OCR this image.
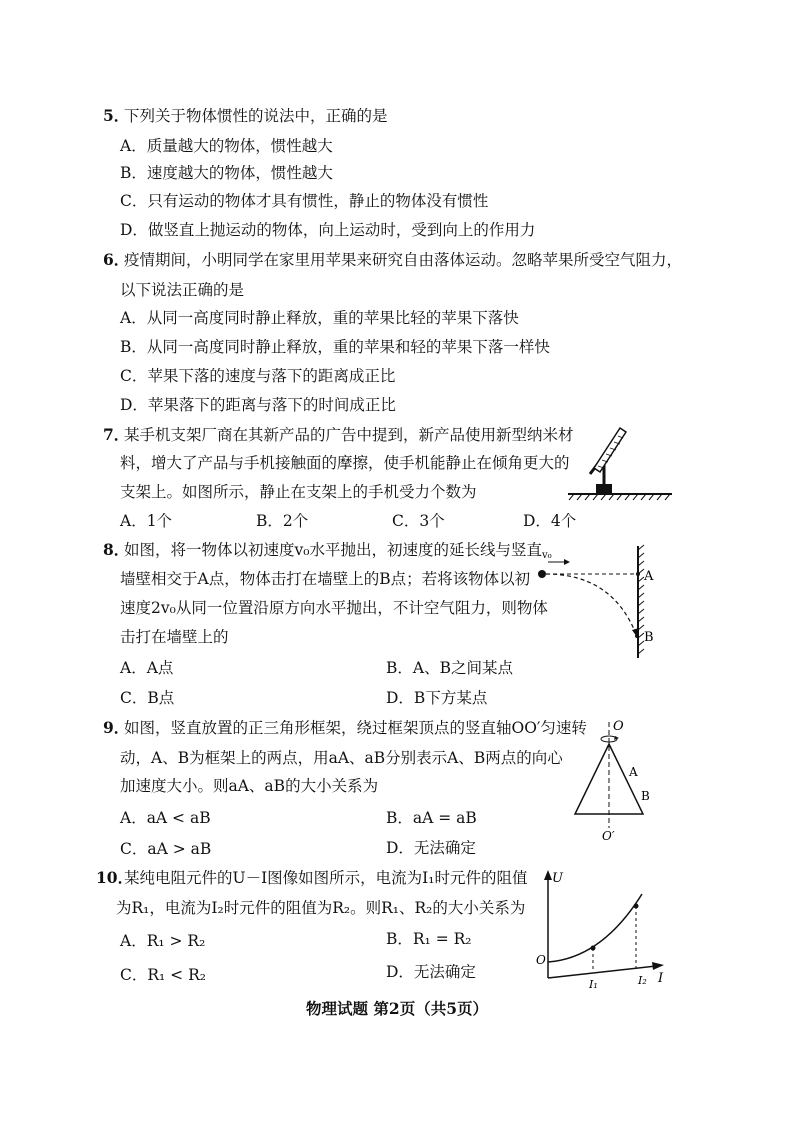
5．
下列关于物体惯性的说法中，正确的是
A．质量越大的物体，惯性越大
B．速度越大的物体，惯性越大
C．只有运动的物体才具有惯性，静止的物体没有惯性
D．做竖直上抛运动的物体，向上运动时，受到向上的作用力
6．
疫情期间，小明同学在家里用苹果来研究自由落体运动。忽略苹果所受空气阻力，
以下说法正确的是
A．从同一高度同时静止释放，重的苹果比轻的苹果下落快
B．从同一高度同时静止释放，重的苹果和轻的苹果下落一样快
C．苹果下落的速度与落下的距离成正比
D．苹果落下的距离与落下的时间成正比
7．
某手机支架厂商在其新产品的广告中提到，新产品使用新型纳米材
料，增大了产品与手机接触面的摩擦，使手机能静止在倾角更大的
支架上。如图所示，静止在支架上的手机受力个数为
A．1个	B．2个	C．3个	D．4个
8．
如图，将一物体以初速度v₀水平抛出，初速度的延长线与竖直
墙壁相交于A点，物体击打在墙壁上的B点；若将该物体以初
速度2v₀从同一位置沿原方向水平抛出，不计空气阻力，则物体
击打在墙壁上的
A．A点	B．A、B之间某点
C．B点	D．B下方某点
v₀
A
B
9．
如图，竖直放置的正三角形框架，绕过框架顶点的竖直轴OO′匀速转
动，A、B为框架上的两点，用aA、aB分别表示A、B两点的向心
加速度大小。则aA、aB的大小关系为
A．aA < aB	B．aA = aB
C．aA > aB	D．无法确定
O
A
B
O′
10．
某纯电阻元件的U－I图像如图所示，电流为I₁时元件的阻值
为R₁，电流为I₂时元件的阻值为R₂。则R₁、R₂的大小关系为
A．R₁ > R₂	B．R₁ = R₂
C．R₁ < R₂	D．无法确定
U
I
O
I₁	I₂
物理试题 第2页（共5页）
